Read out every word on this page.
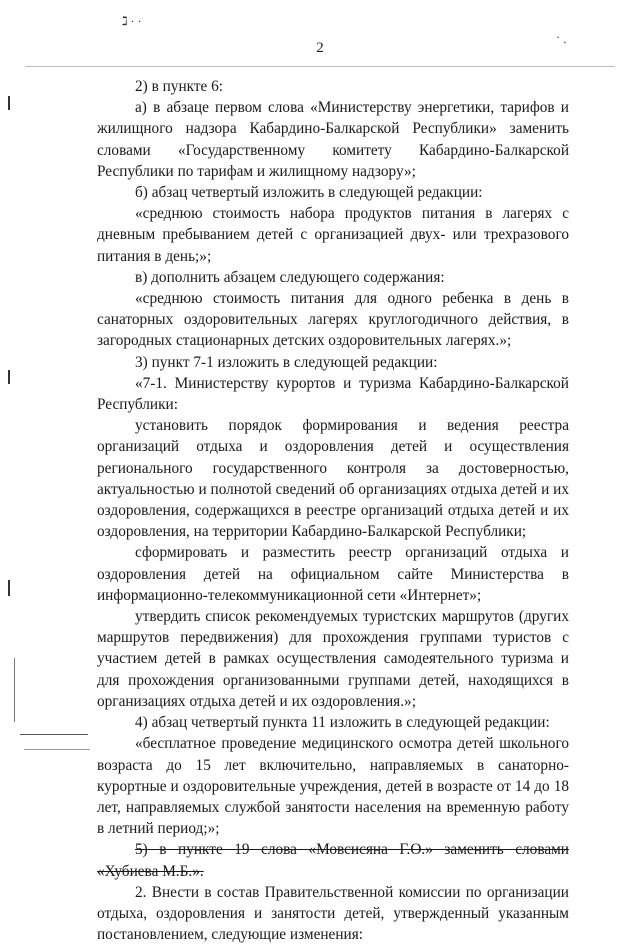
ℷ · ·
· ˎ
2

2) в пункте 6:

а) в абзаце первом слова «Министерству энергетики, тарифов и жилищного надзора Кабардино-Балкарской Республики» заменить словами «Государственному комитету Кабардино-Балкарской Республики по тарифам и жилищному надзору»;

б) абзац четвертый изложить в следующей редакции:

«среднюю стоимость набора продуктов питания в лагерях с дневным пребыванием детей с организацией двух- или трехразового питания в день;»;

в) дополнить абзацем следующего содержания:

«среднюю стоимость питания для одного ребенка в день в санаторных оздоровительных лагерях круглогодичного действия, в загородных стационарных детских оздоровительных лагерях.»;

3) пункт 7-1 изложить в следующей редакции:

«7-1. Министерству курортов и туризма Кабардино-Балкарской Республики:

установить порядок формирования и ведения реестра организаций отдыха и оздоровления детей и осуществления регионального государственного контроля за достоверностью, актуальностью и полнотой сведений об организациях отдыха детей и их оздоровления, содержащихся в реестре организаций отдыха детей и их оздоровления, на территории Кабардино-Балкарской Республики;

сформировать и разместить реестр организаций отдыха и оздоровления детей на официальном сайте Министерства в информационно-телекоммуникационной сети «Интернет»;

утвердить список рекомендуемых туристских маршрутов (других маршрутов передвижения) для прохождения группами туристов с участием детей в рамках осуществления самодеятельного туризма и для прохождения организованными группами детей, находящихся в организациях отдыха детей и их оздоровления.»;

4) абзац четвертый пункта 11 изложить в следующей редакции:

«бесплатное проведение медицинского осмотра детей школьного возраста до 15 лет включительно, направляемых в санаторно-курортные и оздоровительные учреждения, детей в возрасте от 14 до 18 лет, направляемых службой занятости населения на временную работу в летний период;»;

5) в пункте 19 слова «Мовсисяна Г.О.» заменить словами «Хубиева М.Б.».

2. Внести в состав Правительственной комиссии по организации отдыха, оздоровления и занятости детей, утвержденный указанным постановлением, следующие изменения:
